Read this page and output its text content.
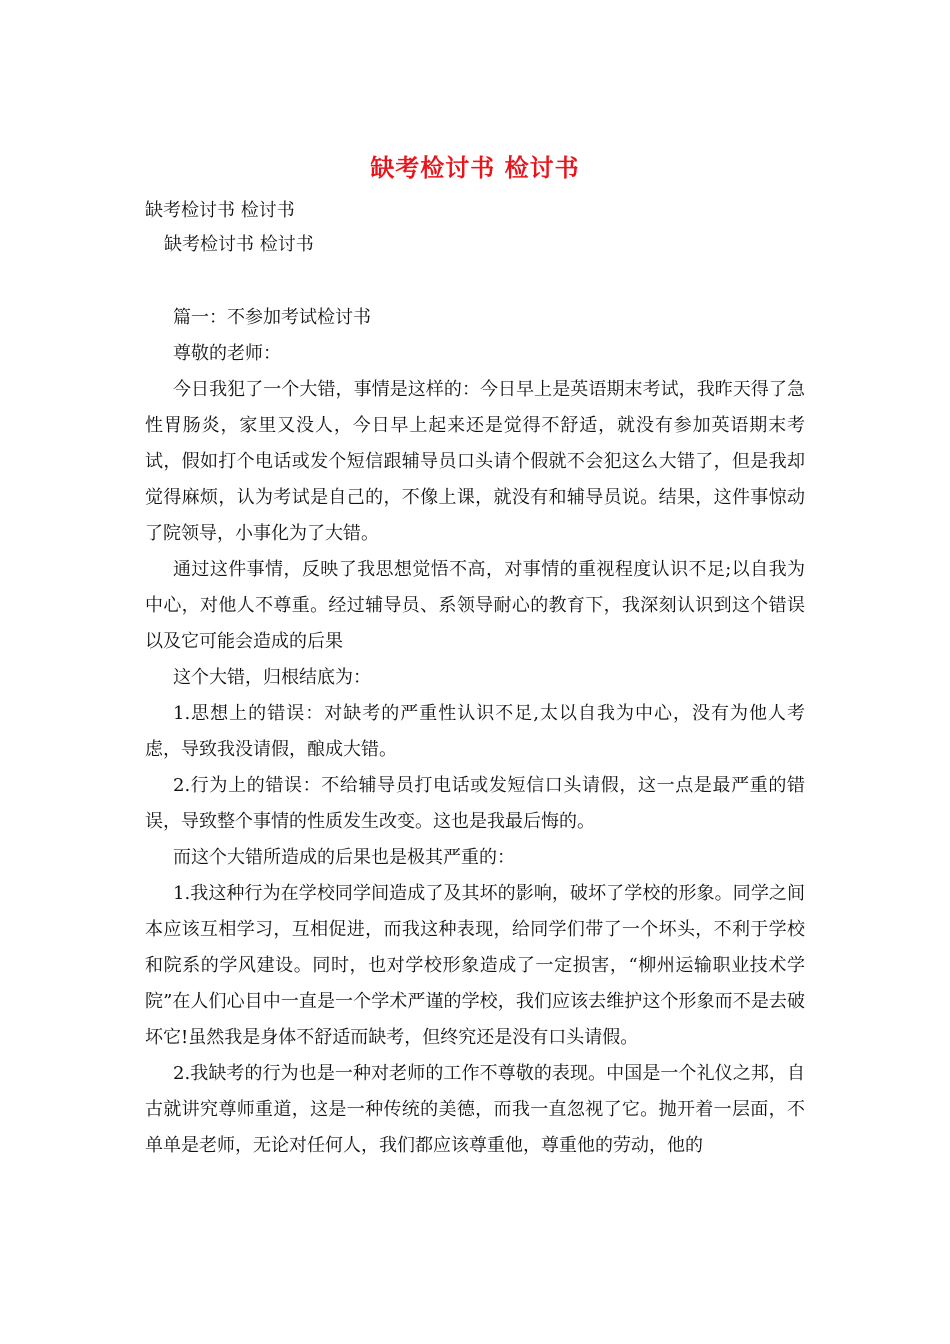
缺考检讨书 检讨书
缺考检讨书 检讨书
缺考检讨书 检讨书

篇一：不参加考试检讨书

尊敬的老师：

今日我犯了一个大错，事情是这样的：今日早上是英语期末考试，我昨天得了急性胃肠炎，家里又没人，今日早上起来还是觉得不舒适，就没有参加英语期末考试，假如打个电话或发个短信跟辅导员口头请个假就不会犯这么大错了，但是我却觉得麻烦，认为考试是自己的，不像上课，就没有和辅导员说。结果，这件事惊动了院领导，小事化为了大错。

通过这件事情，反映了我思想觉悟不高，对事情的重视程度认识不足;以自我为中心，对他人不尊重。经过辅导员、系领导耐心的教育下，我深刻认识到这个错误以及它可能会造成的后果

这个大错，归根结底为：

1.思想上的错误：对缺考的严重性认识不足,太以自我为中心，没有为他人考虑，导致我没请假，酿成大错。

2.行为上的错误：不给辅导员打电话或发短信口头请假，这一点是最严重的错误，导致整个事情的性质发生改变。这也是我最后悔的。

而这个大错所造成的后果也是极其严重的：

1.我这种行为在学校同学间造成了及其坏的影响，破坏了学校的形象。同学之间本应该互相学习，互相促进，而我这种表现，给同学们带了一个坏头，不利于学校和院系的学风建设。同时，也对学校形象造成了一定损害，“柳州运输职业技术学院”在人们心目中一直是一个学术严谨的学校，我们应该去维护这个形象而不是去破坏它!虽然我是身体不舒适而缺考，但终究还是没有口头请假。

2.我缺考的行为也是一种对老师的工作不尊敬的表现。中国是一个礼仪之邦，自古就讲究尊师重道，这是一种传统的美德，而我一直忽视了它。抛开着一层面，不单单是老师，无论对任何人，我们都应该尊重他，尊重他的劳动，他的
